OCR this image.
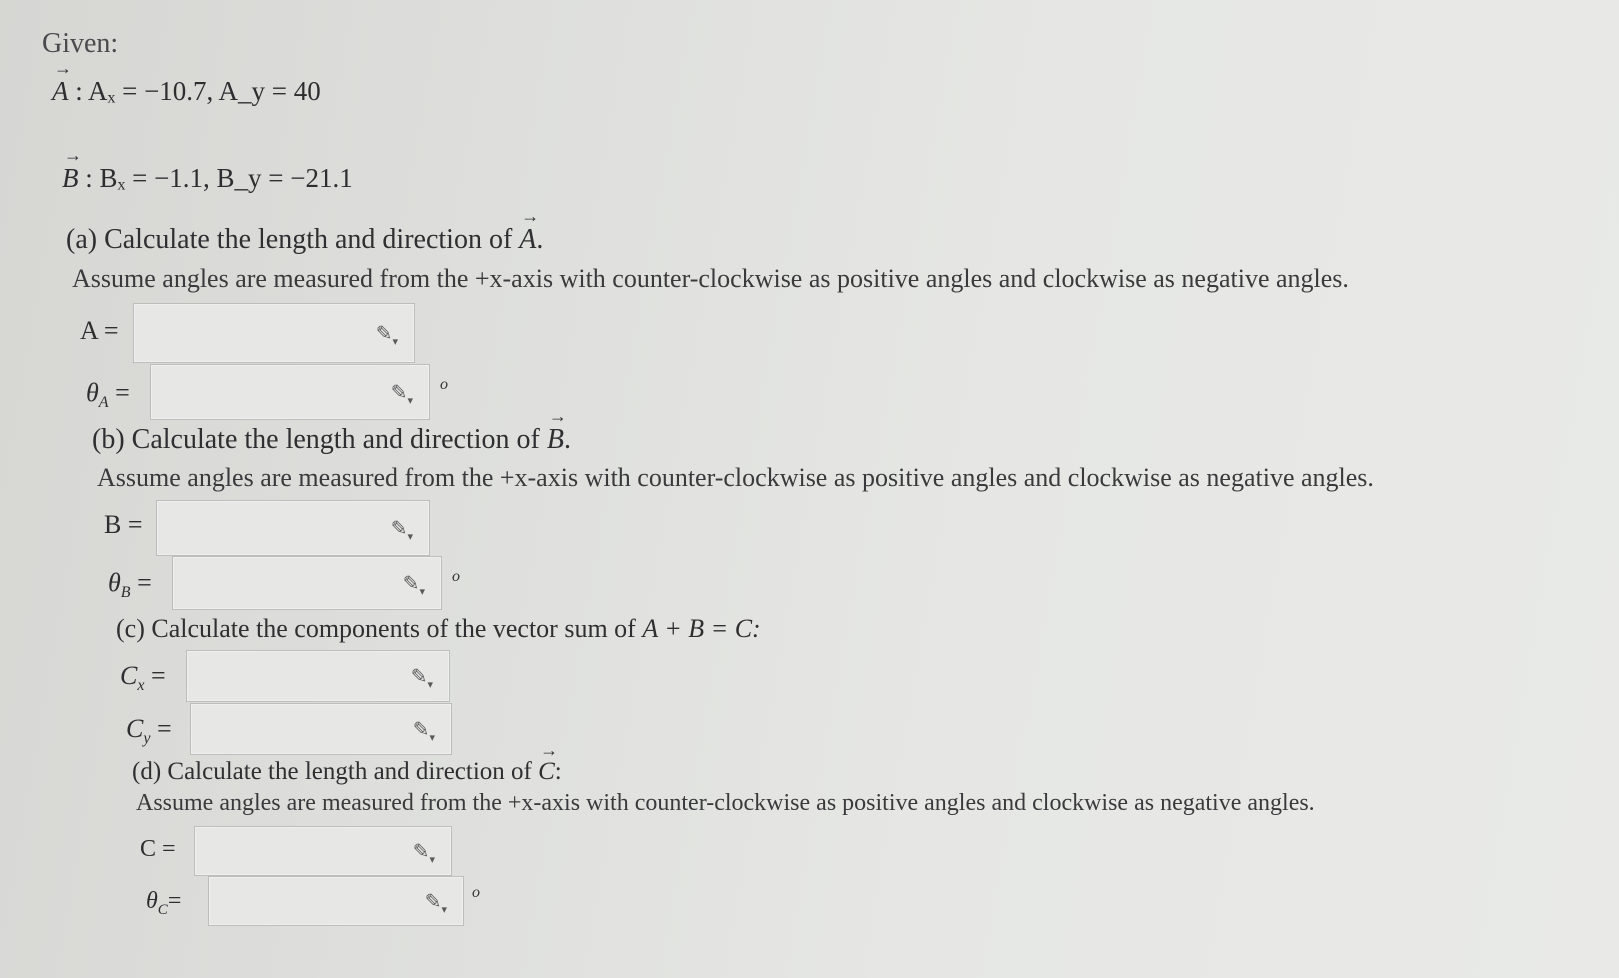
Given:
→ A : Aₓ = −10.7, A_y = 40
→ B : Bₓ = −1.1, B_y = −21.1
(a) Calculate the length and direction of → A.
Assume angles are measured from the +x-axis with counter-clockwise as positive angles and clockwise as negative angles.
A =	$✎_▾$
$\theta_A$ =	$✎_▾$
o
(b) Calculate the length and direction of → B.
Assume angles are measured from the +x-axis with counter-clockwise as positive angles and clockwise as negative angles.
B =	$✎_▾$
$\theta_B$ =	$✎_▾$
o
(c) Calculate the components of the vector sum of A + B = C:
$C_x$ =	$✎_▾$
$C_y$ =	$✎_▾$
(d) Calculate the length and direction of → C:
Assume angles are measured from the +x-axis with counter-clockwise as positive angles and clockwise as negative angles.
C =	$✎_▾$
$\theta_C=$	$✎_▾$
o
